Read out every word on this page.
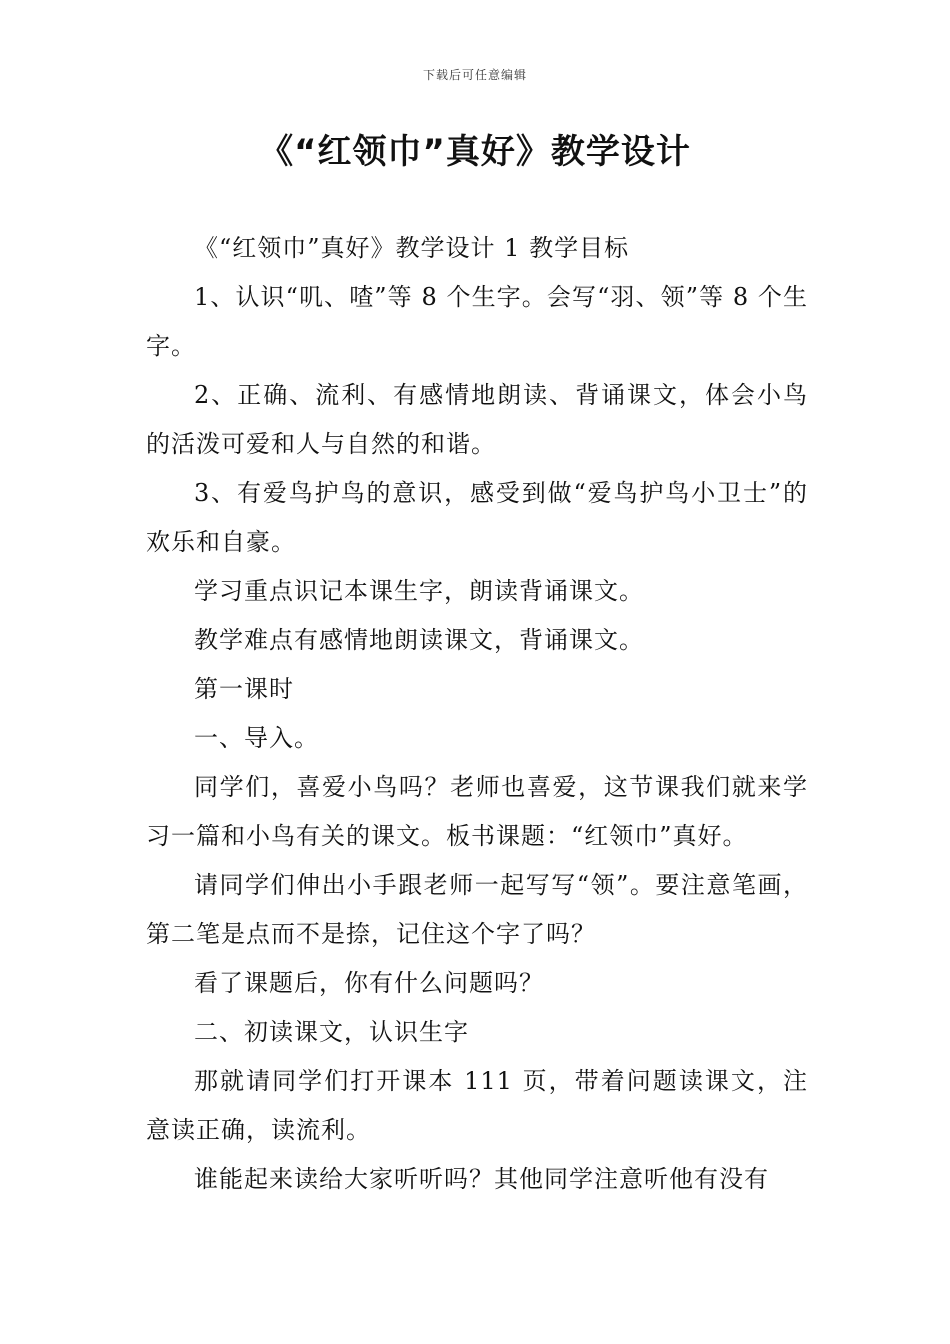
下载后可任意编辑
《“红领巾”真好》教学设计

《“红领巾”真好》教学设计 1 教学目标

1、认识“叽、喳”等 8 个生字。会写“羽、领”等 8 个生字。

2、正确、流利、有感情地朗读、背诵课文，体会小鸟的活泼可爱和人与自然的和谐。

3、有爱鸟护鸟的意识，感受到做“爱鸟护鸟小卫士”的欢乐和自豪。

学习重点识记本课生字，朗读背诵课文。

教学难点有感情地朗读课文，背诵课文。

第一课时

一、导入。

同学们，喜爱小鸟吗？老师也喜爱，这节课我们就来学习一篇和小鸟有关的课文。板书课题：“红领巾”真好。

请同学们伸出小手跟老师一起写写“领”。要注意笔画，第二笔是点而不是捺，记住这个字了吗？

看了课题后，你有什么问题吗？

二、初读课文，认识生字

那就请同学们打开课本 111 页，带着问题读课文，注意读正确，读流利。

谁能起来读给大家听听吗？其他同学注意听他有没有
